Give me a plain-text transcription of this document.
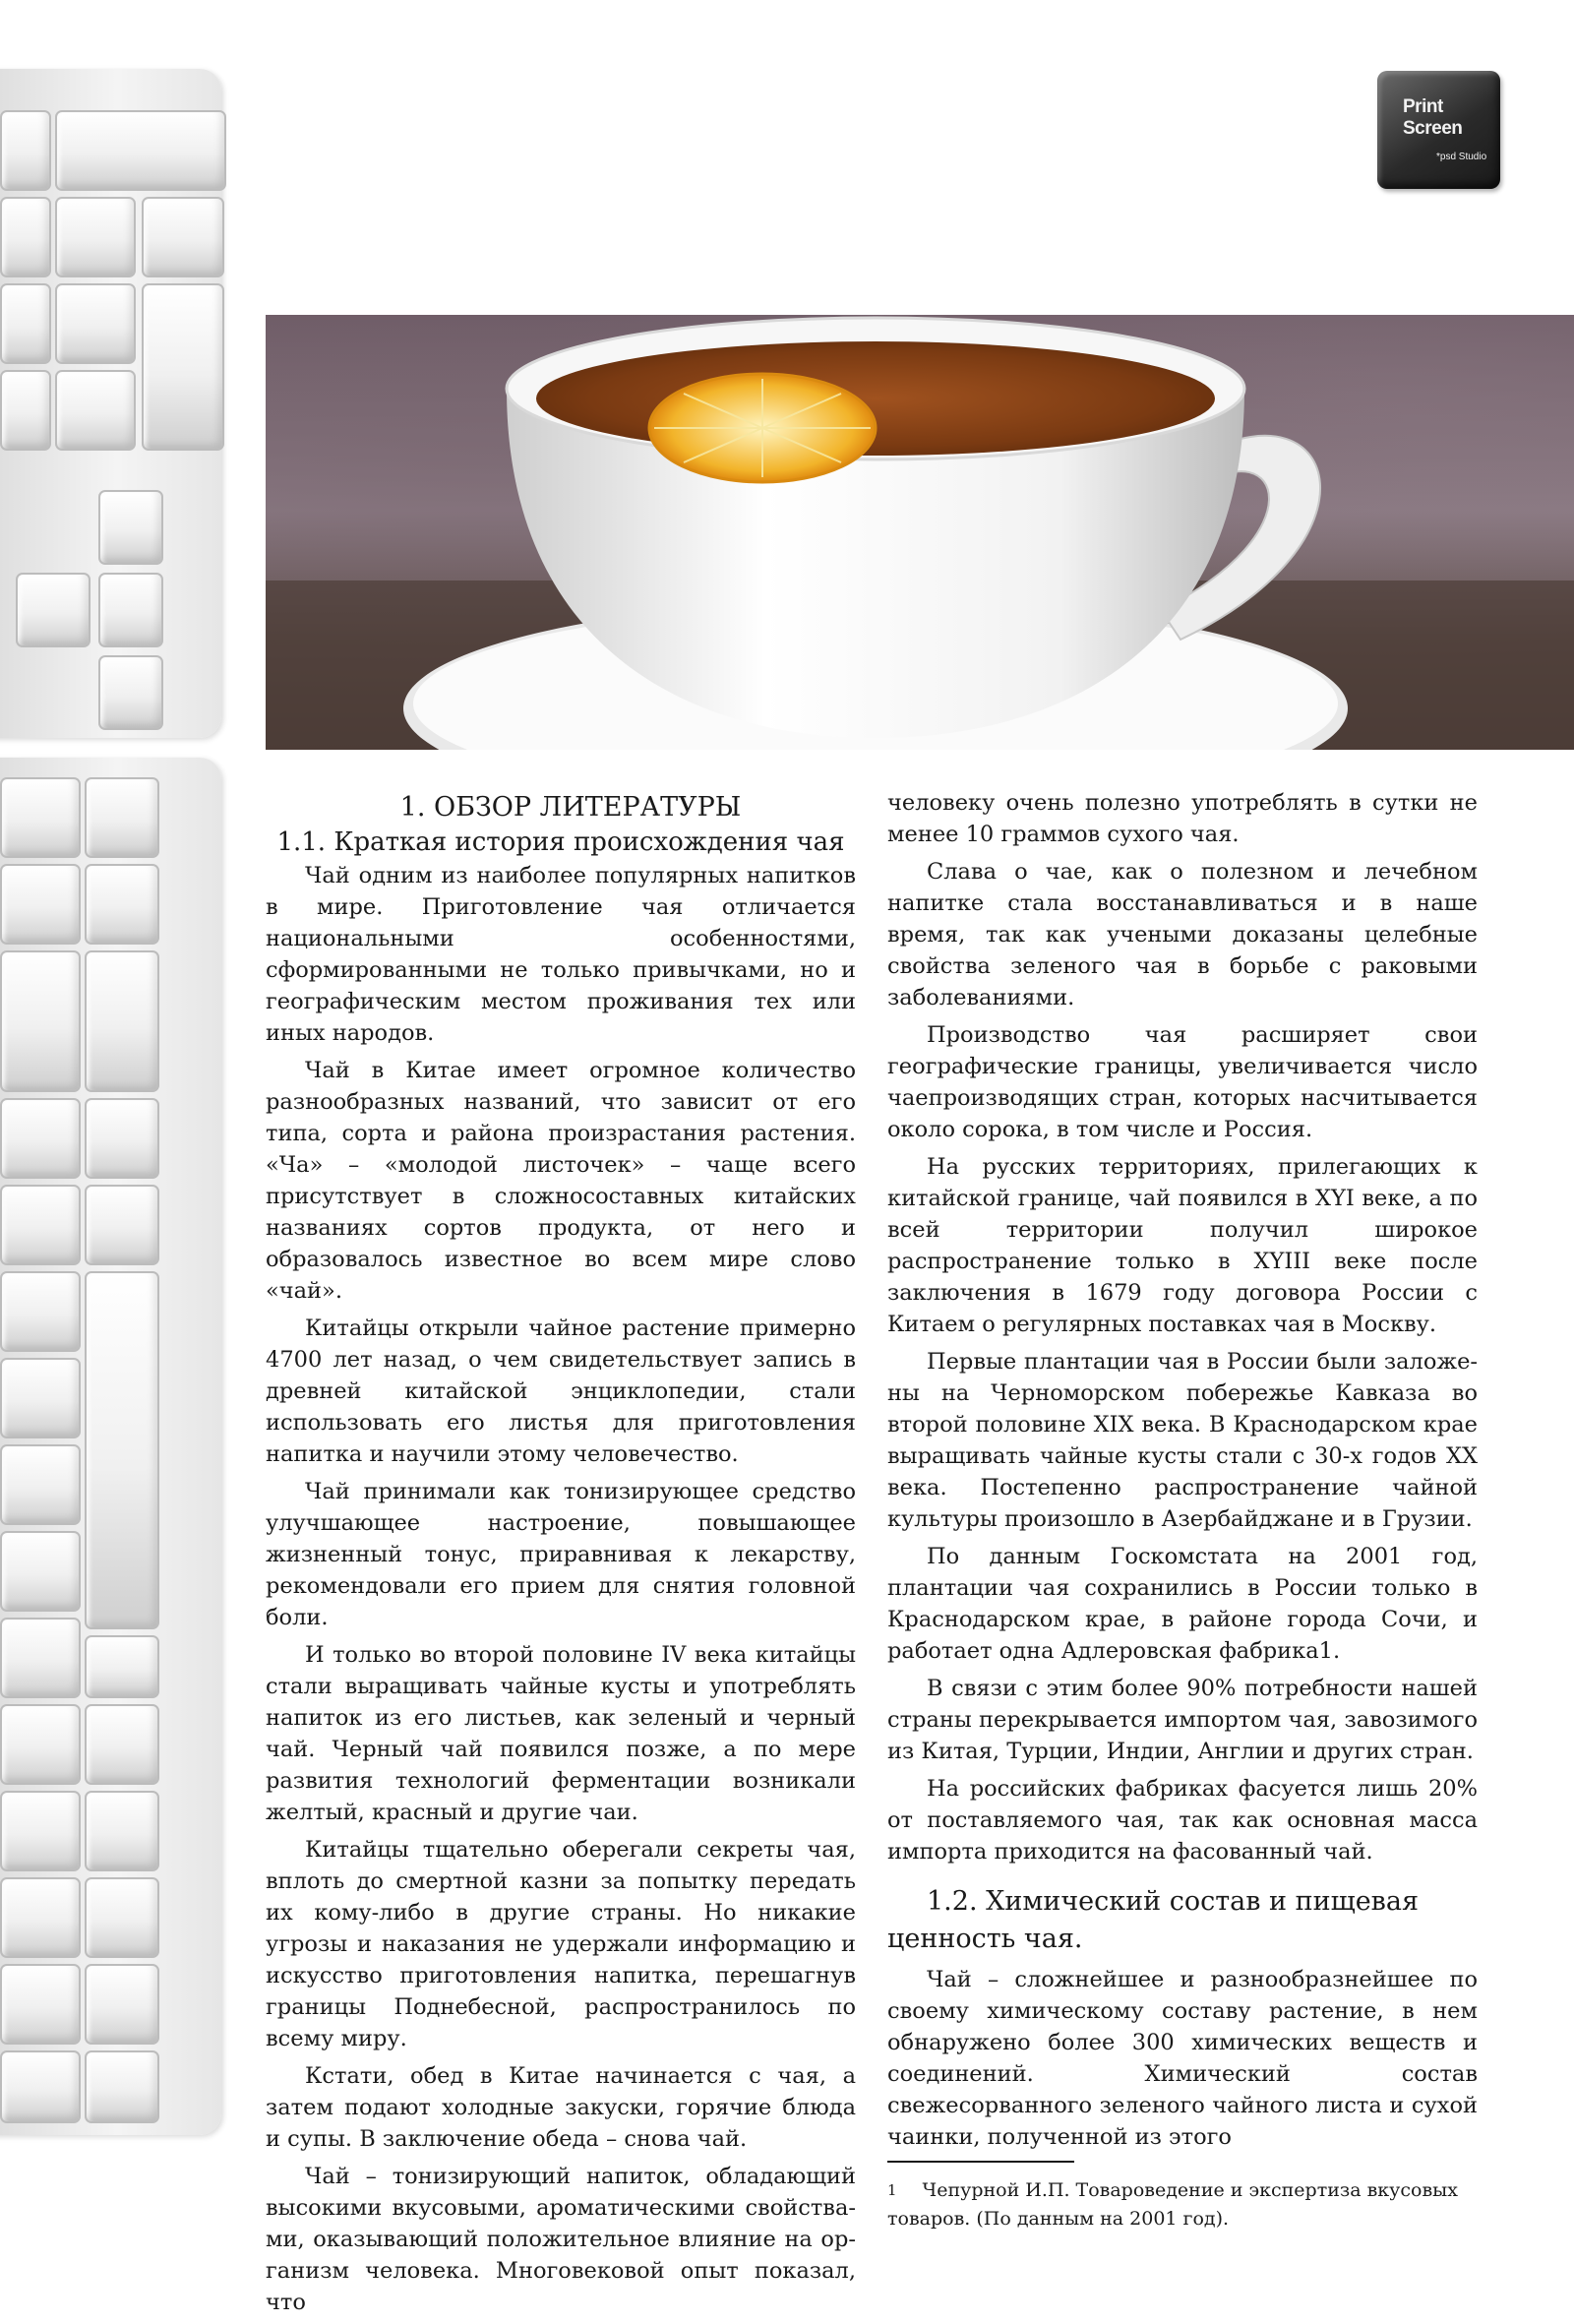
Print
Screen
*psd Studio
1. ОБЗОР ЛИТЕРАТУРЫ
1.1. Краткая история происхождения чая

Чай одним из наиболее популярных напитков в мире. Приготовление чая отличается национальными особенностями, сформированными не только привычками, но и географическим местом проживания тех или иных народов.

Чай в Китае имеет огромное количество разнообразных названий, что зависит от его типа, сорта и района произрастания растения. «Ча» – «молодой листочек» – чаще всего присутствует в сложносоставных китайских названиях сортов продукта, от него и образовалось известное во всем мире слово «чай».

Китайцы открыли чайное растение примерно 4700 лет назад, о чем свидетельствует запись в древней китайской энциклопедии, стали использовать его листья для приготовления напитка и научили этому человечество.

Чай принимали как тонизирующее средство улучшающее настроение, повышающее жизненный тонус, приравнивая к лекарству, рекомендовали его прием для снятия головной боли.

И только во второй половине IV века китайцы стали выращивать чайные кусты и употреблять напиток из его листьев, как зеленый и черный чай. Черный чай появился позже, а по мере развития технологий ферментации возникали желтый, красный и другие чаи.

Китайцы тщательно оберегали секреты чая, вплоть до смертной казни за попытку передать их кому-либо в другие страны. Но никакие угрозы и наказания не удержали информацию и искусство приготовления напитка, перешагнув границы Поднебесной, распространилось по всему миру.

Кстати, обед в Китае начинается с чая, а затем подают холодные закуски, горячие блюда и супы. В заключение обеда – снова чай.

Чай – тонизирующий напиток, обладающий высокими вкусовыми, ароматическими свойствами, оказывающий положительное влияние на организм человека. Многовековой опыт показал, что

человеку очень полезно употреблять в сутки не менее 10 граммов сухого чая.

Слава о чае, как о полезном и лечебном напитке стала восстанавливаться и в наше время, так как учеными доказаны целебные свойства зеленого чая в борьбе с раковыми заболеваниями.

Производство чая расширяет свои географические границы, увеличивается число чаепроизводящих стран, которых насчитывается около сорока, в том числе и Россия.

На русских территориях, прилегающих к китайской границе, чай появился в XYI веке, а по всей территории получил широкое распространение только в XYIII веке после заключения в 1679 году договора России с Китаем о регулярных поставках чая в Москву.

Первые плантации чая в России были заложены на Черноморском побережье Кавказа во второй половине XIX века. В Краснодарском крае выращивать чайные кусты стали с 30-х годов XX века. Постепенно распространение чайной культуры произошло в Азербайджане и в Грузии.

По данным Госкомстата на 2001 год, плантации чая сохранились в России только в Краснодарском крае, в районе города Сочи, и работает одна Адлеровская фабрика1.

В связи с этим более 90% потребности нашей страны перекрывается импортом чая, завозимого из Китая, Турции, Индии, Англии и других стран.

На российских фабриках фасуется лишь 20% от поставляемого чая, так как основная масса импорта приходится на фасованный чай.

1.2. Химический состав и пищевая ценность чая.

Чай – сложнейшее и разнообразнейшее по своему химическому составу растение, в нем обнаружено более 300 химических веществ и соединений. Химический состав свежесорванного зеленого чайного листа и сухой чаинки, полученной из этого

$^1$ Чепурной И.П. Товароведение и экспертиза вкусовых товаров. (По данным на 2001 год).
